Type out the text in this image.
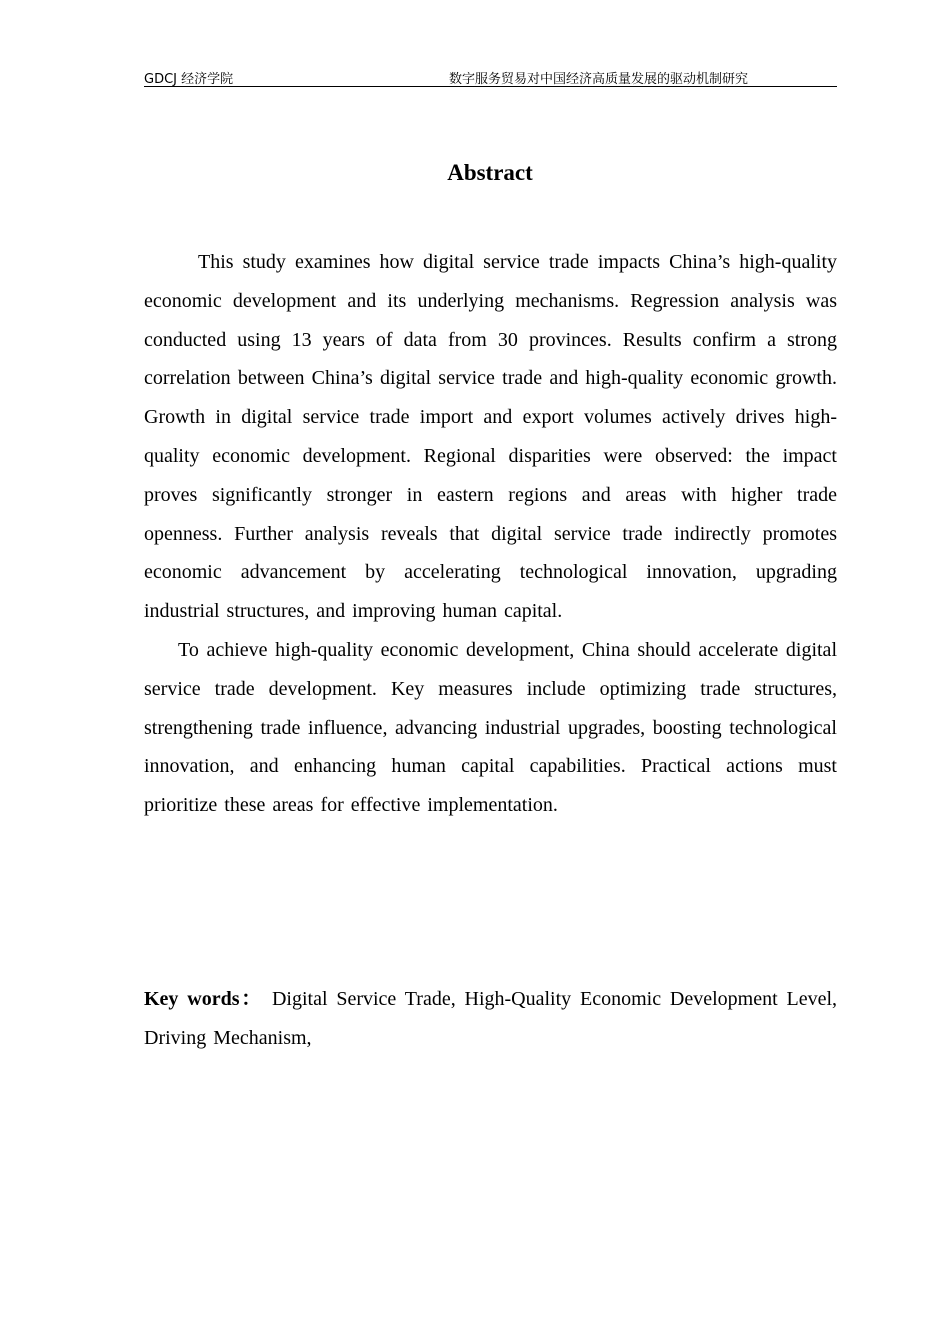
GDCJ 经济学院	数字服务贸易对中国经济高质量发展的驱动机制研究
Abstract

This study examines how digital service trade impacts China’s high-quality economic development and its underlying mechanisms. Regression analysis was conducted using 13 years of data from 30 provinces. Results confirm a strong correlation between China’s digital service trade and high-quality economic growth. Growth in digital service trade import and export volumes actively drives high-quality economic development. Regional disparities were observed: the impact proves significantly stronger in eastern regions and areas with higher trade openness. Further analysis reveals that digital service trade indirectly promotes economic advancement by accelerating technological innovation, upgrading industrial structures, and improving human capital.

To achieve high-quality economic development, China should accelerate digital service trade development. Key measures include optimizing trade structures, strengthening trade influence, advancing industrial upgrades, boosting technological innovation, and enhancing human capital capabilities. Practical actions must prioritize these areas for effective implementation.

Key words： Digital Service Trade, High-Quality Economic Development Level, Driving Mechanism,
